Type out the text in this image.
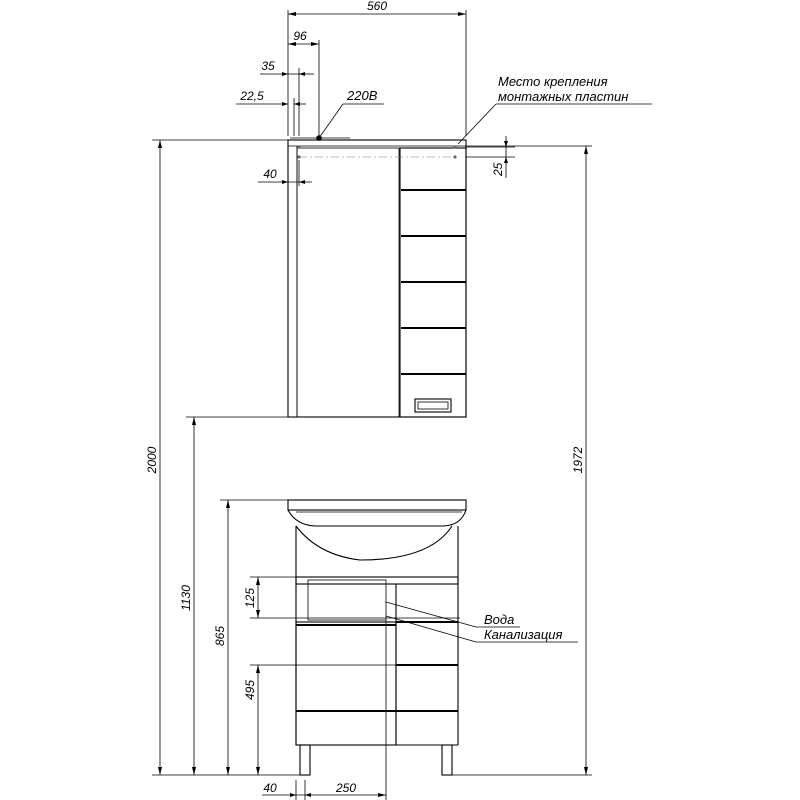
560
96
35
22,5	220В
Место крепления
монтажных пластин
40	25
2000	1972
1130
865
125
495
Вода
Канализация
40	250
